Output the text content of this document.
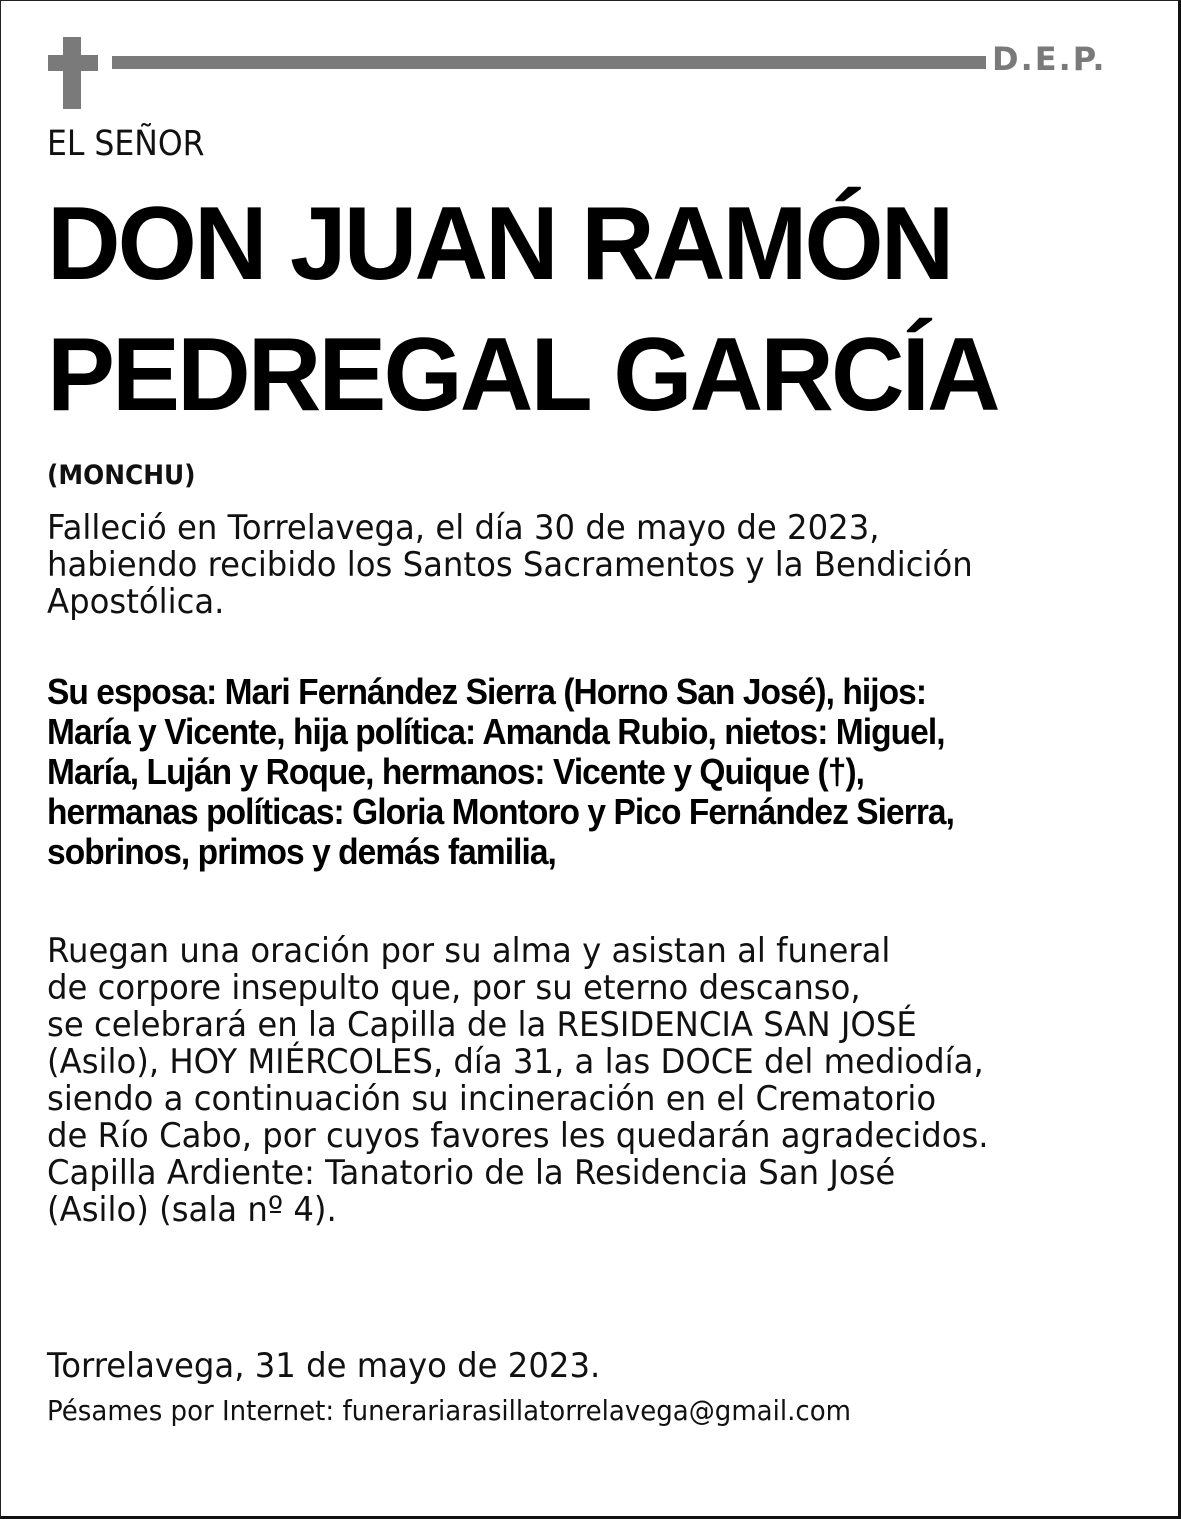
D.E.P.
EL SEÑOR
DON JUAN RAMÓN
PEDREGAL GARCÍA
(MONCHU)
Falleció en Torrelavega, el día 30 de mayo de 2023,
habiendo recibido los Santos Sacramentos y la Bendición
Apostólica.
Su esposa: Mari Fernández Sierra (Horno San José), hijos:
María y Vicente, hija política: Amanda Rubio, nietos: Miguel,
María, Luján y Roque, hermanos: Vicente y Quique (†),
hermanas políticas: Gloria Montoro y Pico Fernández Sierra,
sobrinos, primos y demás familia,
Ruegan una oración por su alma y asistan al funeral
de corpore insepulto que, por su eterno descanso,
se celebrará en la Capilla de la RESIDENCIA SAN JOSÉ
(Asilo), HOY MIÉRCOLES, día 31, a las DOCE del mediodía,
siendo a continuación su incineración en el Crematorio
de Río Cabo, por cuyos favores les quedarán agradecidos.
Capilla Ardiente: Tanatorio de la Residencia San José
(Asilo) (sala nº 4).
Torrelavega, 31 de mayo de 2023.
Pésames por Internet: funerariarasillatorrelavega@gmail.com
